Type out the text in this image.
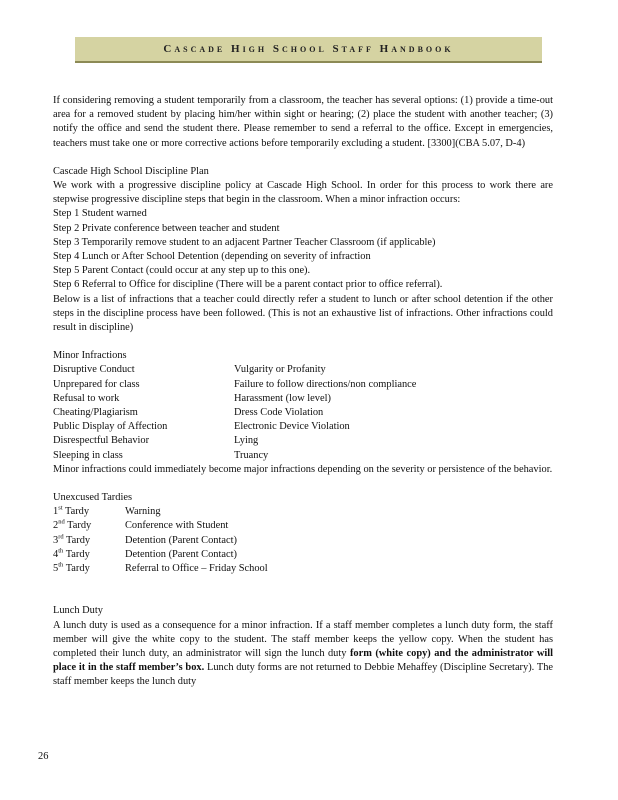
Cascade High School Staff Handbook

If considering removing a student temporarily from a classroom, the teacher has several options: (1) provide a time-out area for a removed student by placing him/her within sight or hearing; (2) place the student with another teacher; (3) notify the office and send the student there. Please remember to send a referral to the office. Except in emergencies, teachers must take one or more corrective actions before temporarily excluding a student. [3300](CBA 5.07, D-4)

Cascade High School Discipline Plan

We work with a progressive discipline policy at Cascade High School. In order for this process to work there are stepwise progressive discipline steps that begin in the classroom. When a minor infraction occurs:

Step 1 Student warned
Step 2 Private conference between teacher and student
Step 3 Temporarily remove student to an adjacent Partner Teacher Classroom (if applicable)
Step 4 Lunch or After School Detention (depending on severity of infraction
Step 5 Parent Contact (could occur at any step up to this one).
Step 6 Referral to Office for discipline (There will be a parent contact prior to office referral).

Below is a list of infractions that a teacher could directly refer a student to lunch or after school detention if the other steps in the discipline process have been followed. (This is not an exhaustive list of infractions. Other infractions could result in discipline)

Minor Infractions
Disruptive Conduct	Vulgarity or Profanity
Unprepared for class	Failure to follow directions/non compliance
Refusal to work	Harassment (low level)
Cheating/Plagiarism	Dress Code Violation
Public Display of Affection	Electronic Device Violation
Disrespectful Behavior	Lying
Sleeping in class	Truancy

Minor infractions could immediately become major infractions depending on the severity or persistence of the behavior.

Unexcused Tardies
1st Tardy	Warning
2nd Tardy	Conference with Student
3rd Tardy	Detention (Parent Contact)
4th Tardy	Detention (Parent Contact)
5th Tardy	Referral to Office – Friday School
Lunch Duty

A lunch duty is used as a consequence for a minor infraction. If a staff member completes a lunch duty form, the staff member will give the white copy to the student. The staff member keeps the yellow copy. When the student has completed their lunch duty, an administrator will sign the lunch duty form (white copy) and the administrator will place it in the staff member’s box. Lunch duty forms are not returned to Debbie Mehaffey (Discipline Secretary). The staff member keeps the lunch duty

26
